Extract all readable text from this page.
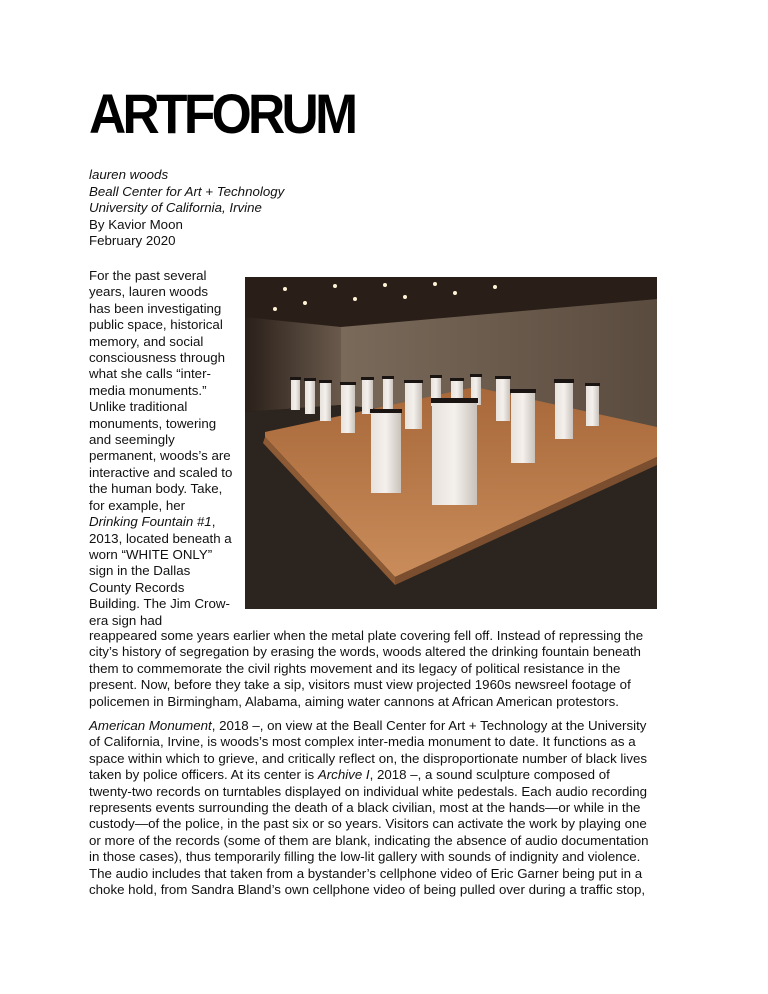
ARTFORUM
lauren woods
Beall Center for Art + Technology
University of California, Irvine
By Kavior Moon
February 2020
For the past several
years, lauren woods
has been investigating
public space, historical
memory, and social
consciousness through
what she calls “inter-
media monuments.”
Unlike traditional
monuments, towering
and seemingly
permanent, woods’s are
interactive and scaled to
the human body. Take,
for example, her
Drinking Fountain #1,
2013, located beneath a
worn “WHITE ONLY”
sign in the Dallas
County Records
Building. The Jim Crow-
era sign had
reappeared some years earlier when the metal plate covering fell off. Instead of repressing the
city’s history of segregation by erasing the words, woods altered the drinking fountain beneath
them to commemorate the civil rights movement and its legacy of political resistance in the
present. Now, before they take a sip, visitors must view projected 1960s newsreel footage of
policemen in Birmingham, Alabama, aiming water cannons at African American protestors.
American Monument, 2018 –, on view at the Beall Center for Art + Technology at the University
of California, Irvine, is woods’s most complex inter-media monument to date. It functions as a
space within which to grieve, and critically reflect on, the disproportionate number of black lives
taken by police officers. At its center is Archive I, 2018 –, a sound sculpture composed of
twenty-two records on turntables displayed on individual white pedestals. Each audio recording
represents events surrounding the death of a black civilian, most at the hands—or while in the
custody—of the police, in the past six or so years. Visitors can activate the work by playing one
or more of the records (some of them are blank, indicating the absence of audio documentation
in those cases), thus temporarily filling the low-lit gallery with sounds of indignity and violence.
The audio includes that taken from a bystander’s cellphone video of Eric Garner being put in a
choke hold, from Sandra Bland’s own cellphone video of being pulled over during a traffic stop,
